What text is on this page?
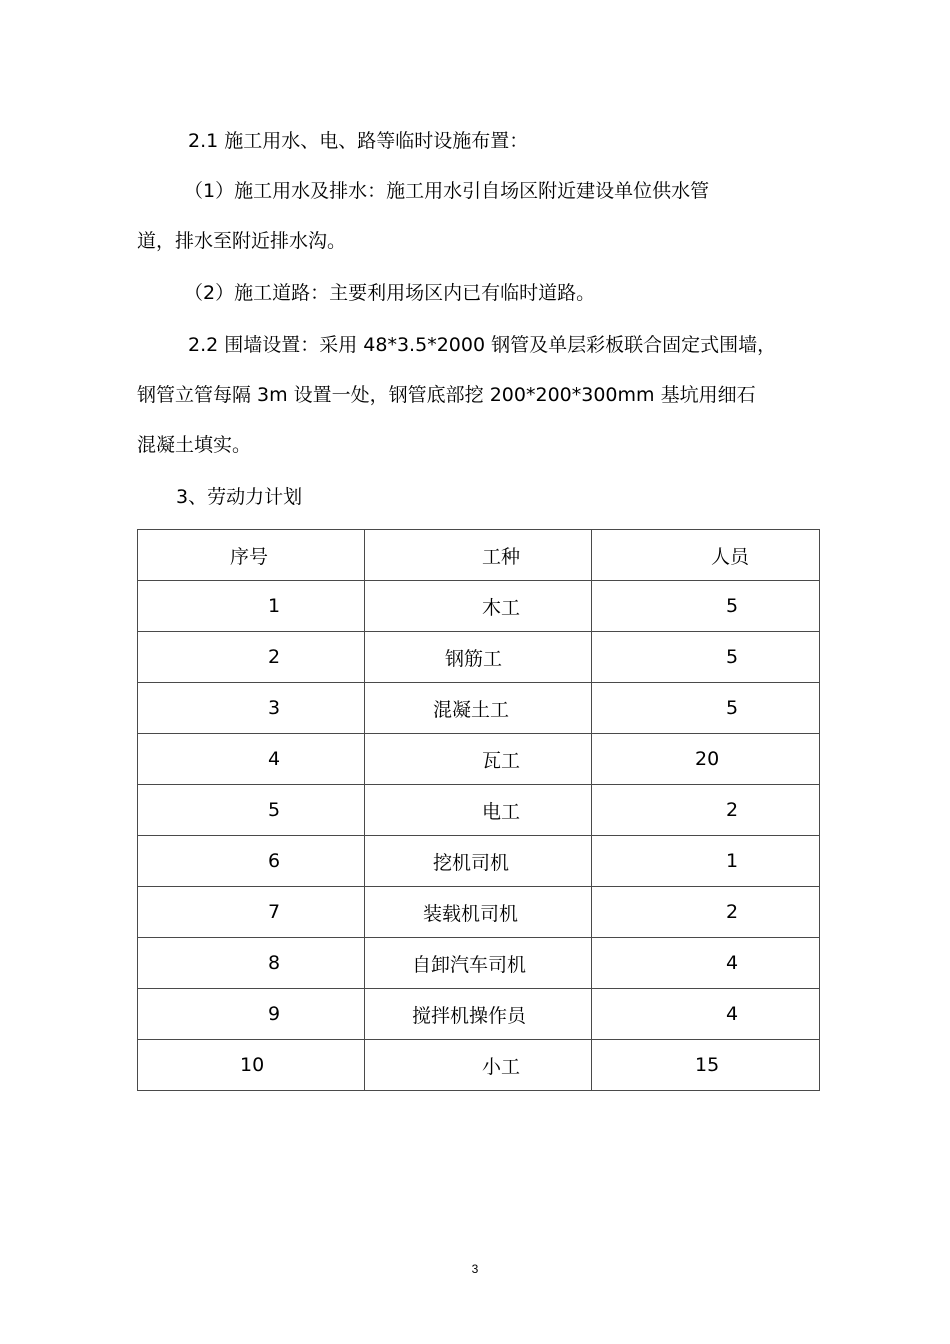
2.1 施工用水、电、路等临时设施布置：
（1）施工用水及排水：施工用水引自场区附近建设单位供水管
道，排水至附近排水沟。
（2）施工道路：主要利用场区内已有临时道路。
2.2 围墙设置：采用 48*3.5*2000 钢管及单层彩板联合固定式围墙，
钢管立管每隔 3m 设置一处，钢管底部挖 200*200*300mm 基坑用细石
混凝土填实。
3、劳动力计划
序号	工种	人员
1	木工	5
2	钢筋工	5
3	混凝土工	5
4	瓦工	20
5	电工	2
6	挖机司机	1
7	装载机司机	2
8	自卸汽车司机	4
9	搅拌机操作员	4
10	小工	15
3
